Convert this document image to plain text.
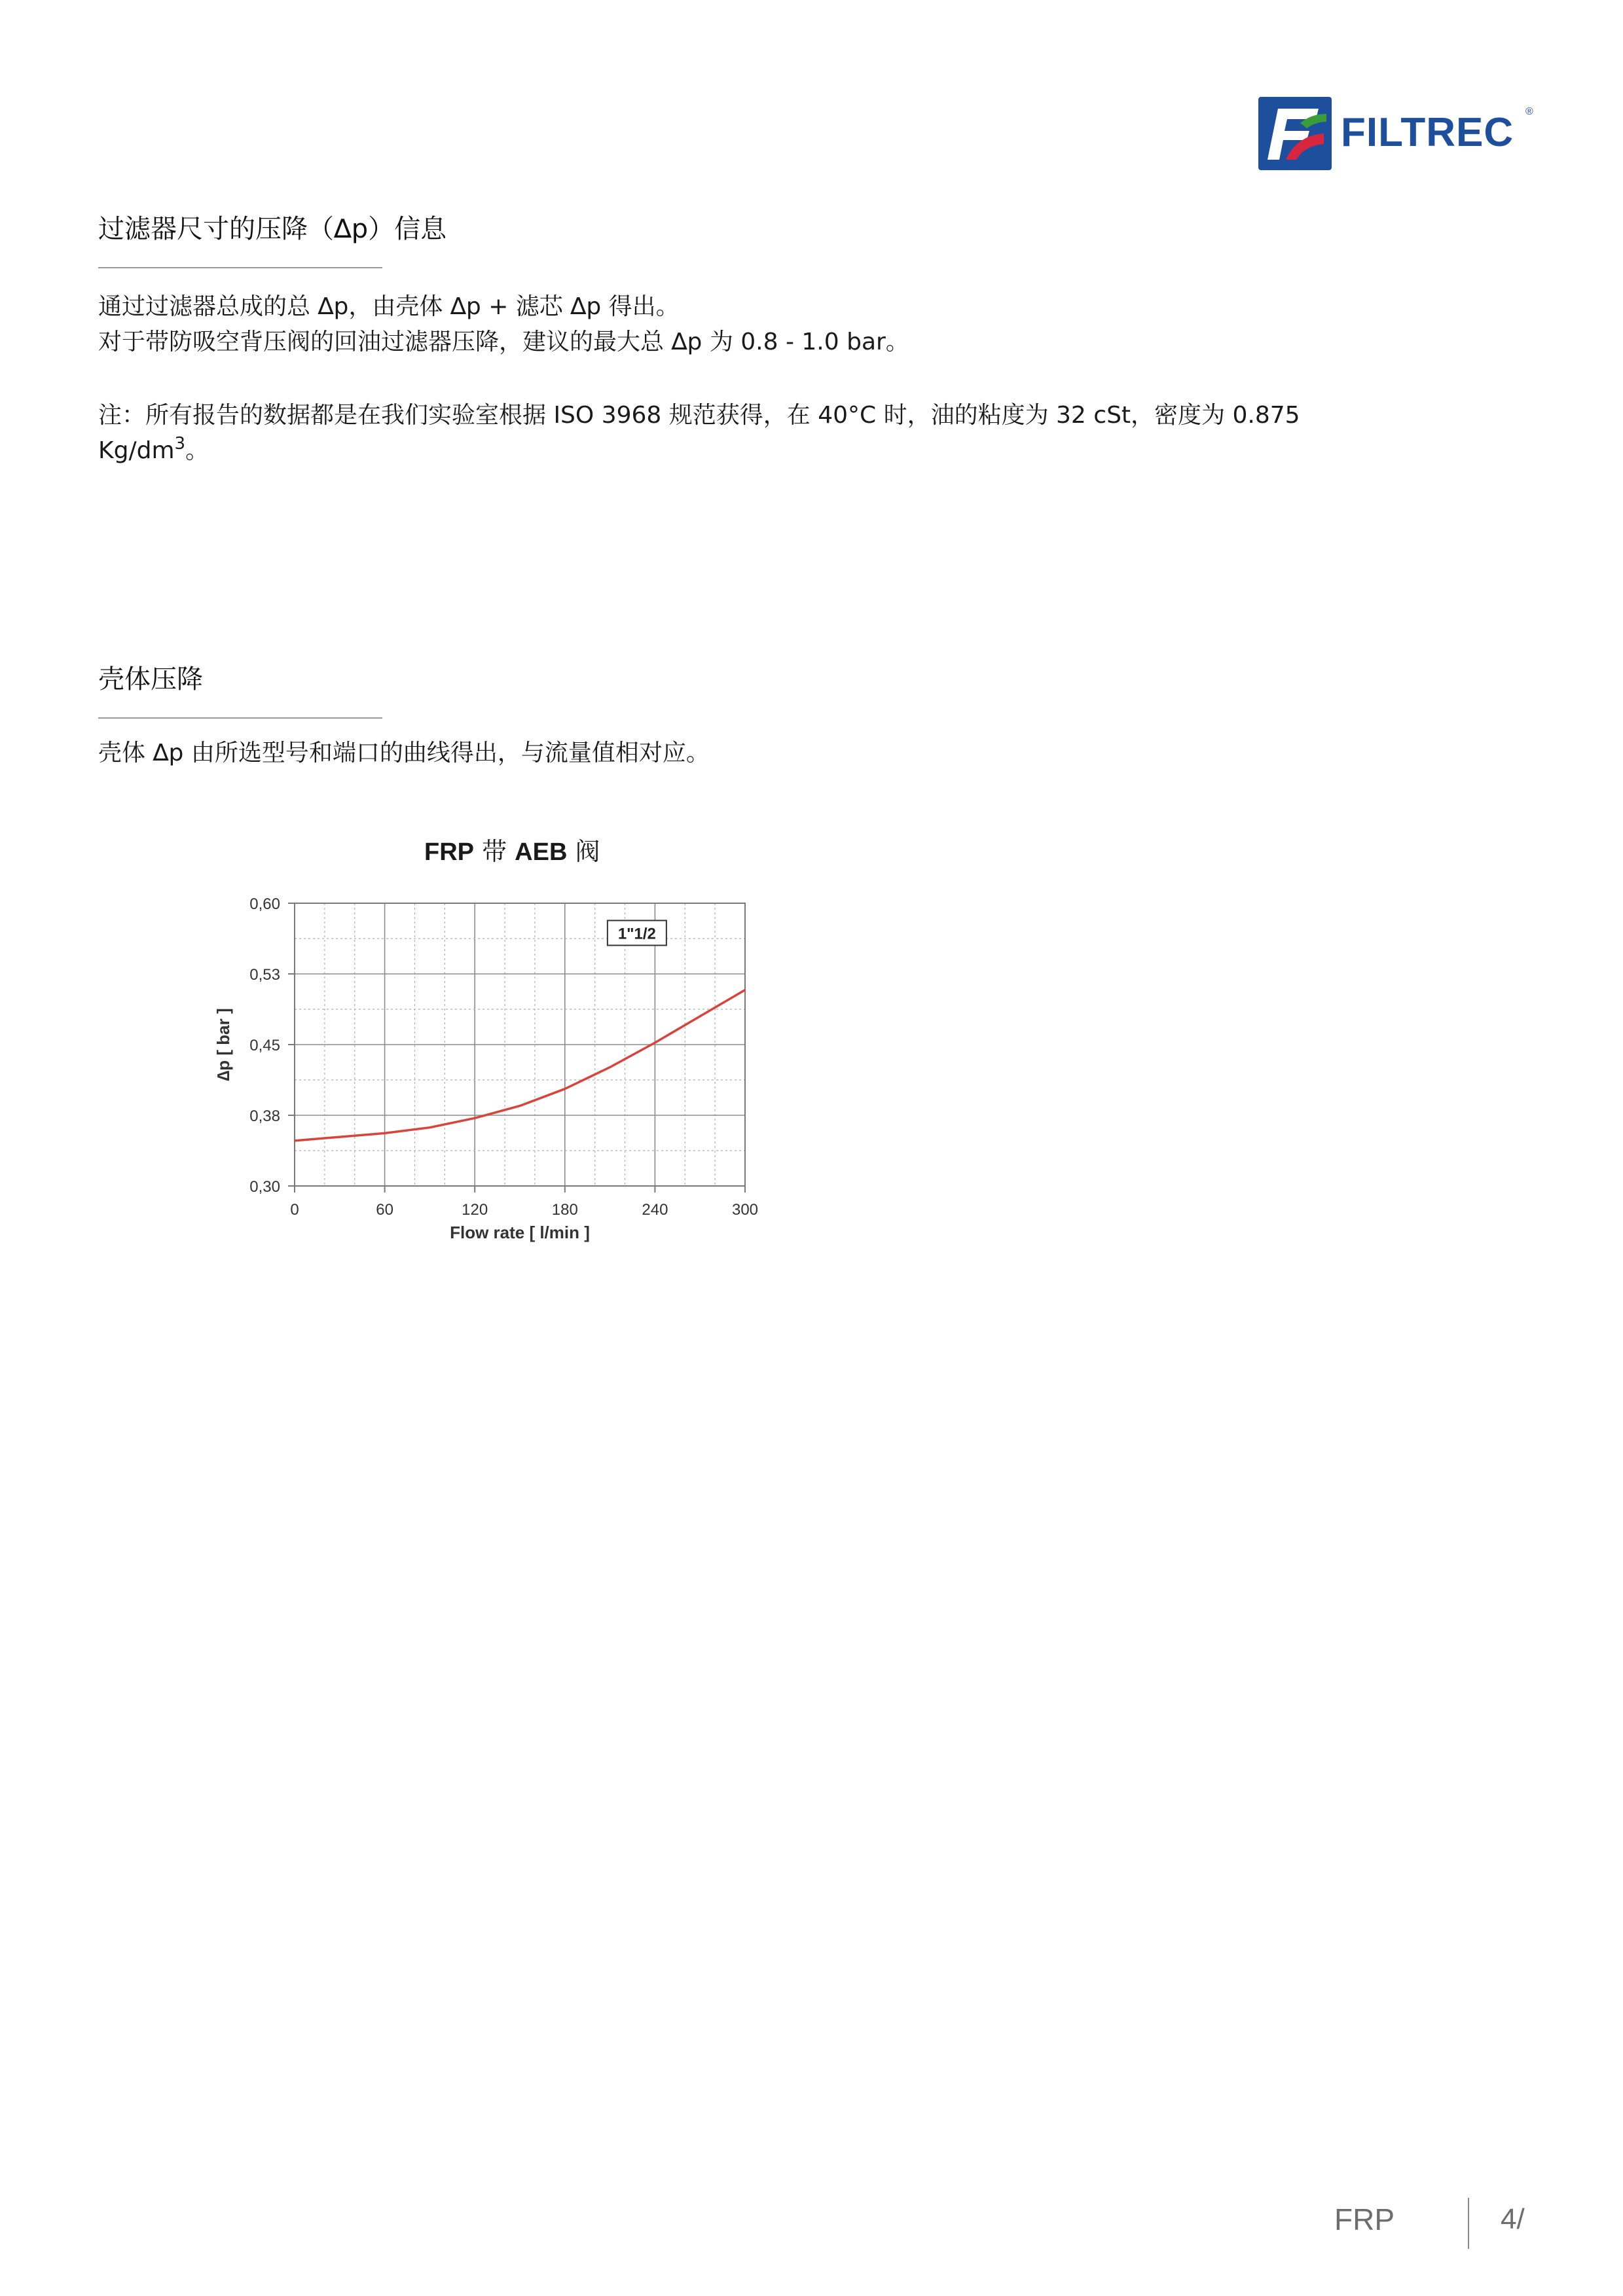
FILTREC ®
过滤器尺寸的压降（∆p）信息
通过过滤器总成的总 ∆p，由壳体 ∆p + 滤芯 ∆p 得出。
对于带防吸空背压阀的回油过滤器压降，建议的最大总 ∆p 为 0.8 - 1.0 bar。
注：所有报告的数据都是在我们实验室根据 ISO 3968 规范获得，在 40°C 时，油的粘度为 32 cSt，密度为 0.875
$Kg/dm^3$。
壳体压降
壳体 ∆p 由所选型号和端口的曲线得出，与流量值相对应。
FRP 带 AEB 阀
0,60
0,53
0,45
0,38
0,30
0	60	120	180	240	300
1"1/2
∆p [ bar ]
Flow rate [ l/min ]
FRP	4/
